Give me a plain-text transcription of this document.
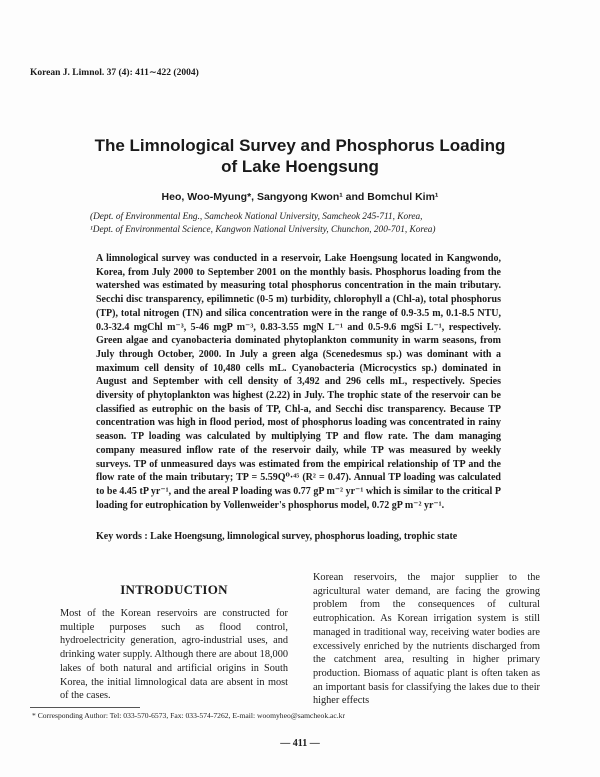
Korean J. Limnol. 37 (4): 411∼422 (2004)
The Limnological Survey and Phosphorus Loading
of Lake Hoengsung
Heo, Woo-Myung*, Sangyong Kwon¹ and Bomchul Kim¹
(Dept. of Environmental Eng., Samcheok National University, Samcheok 245-711, Korea,
¹Dept. of Environmental Science, Kangwon National University, Chunchon, 200-701, Korea)
A limnological survey was conducted in a reservoir, Lake Hoengsung located in Kangwondo, Korea, from July 2000 to September 2001 on the monthly basis. Phosphorus loading from the watershed was estimated by measuring total phosphorus concentration in the main tributary. Secchi disc transparency, epilimnetic (0-5 m) turbidity, chlorophyll a (Chl-a), total phosphorus (TP), total nitrogen (TN) and silica concentration were in the range of 0.9-3.5 m, 0.1-8.5 NTU, 0.3-32.4 mgChl m⁻³, 5-46 mgP m⁻³, 0.83-3.55 mgN L⁻¹ and 0.5-9.6 mgSi L⁻¹, respectively. Green algae and cyanobacteria dominated phytoplankton community in warm seasons, from July through October, 2000. In July a green alga (Scenedesmus sp.) was dominant with a maximum cell density of 10,480 cells mL. Cyanobacteria (Microcystics sp.) dominated in August and September with cell density of 3,492 and 296 cells mL, respectively. Species diversity of phytoplankton was highest (2.22) in July. The trophic state of the reservoir can be classified as eutrophic on the basis of TP, Chl-a, and Secchi disc transparency. Because TP concentration was high in flood period, most of phosphorus loading was concentrated in rainy season. TP loading was calculated by multiplying TP and flow rate. The dam managing company measured inflow rate of the reservoir daily, while TP was measured by weekly surveys. TP of unmeasured days was estimated from the empirical relationship of TP and the flow rate of the main tributary; TP = 5.59Q⁰·⁴⁵ (R² = 0.47). Annual TP loading was calculated to be 4.45 tP yr⁻¹, and the areal P loading was 0.77 gP m⁻² yr⁻¹ which is similar to the critical P loading for eutrophication by Vollenweider's phosphorus model, 0.72 gP m⁻² yr⁻¹.
Key words : Lake Hoengsung, limnological survey, phosphorus loading, trophic state
INTRODUCTION
Most of the Korean reservoirs are constructed for multiple purposes such as flood control, hydroelectricity generation, agro-industrial uses, and drinking water supply. Although there are about 18,000 lakes of both natural and artificial origins in South Korea, the initial limnological data are absent in most of the cases.
Korean reservoirs, the major supplier to the agricultural water demand, are facing the growing problem from the consequences of cultural eutrophication. As Korean irrigation system is still managed in traditional way, receiving water bodies are excessively enriched by the nutrients discharged from the catchment area, resulting in higher primary production. Biomass of aquatic plant is often taken as an important basis for classifying the lakes due to their higher effects
* Corresponding Author: Tel: 033-570-6573, Fax: 033-574-7262, E-mail: woomyheo@samcheok.ac.kr
— 411 —
